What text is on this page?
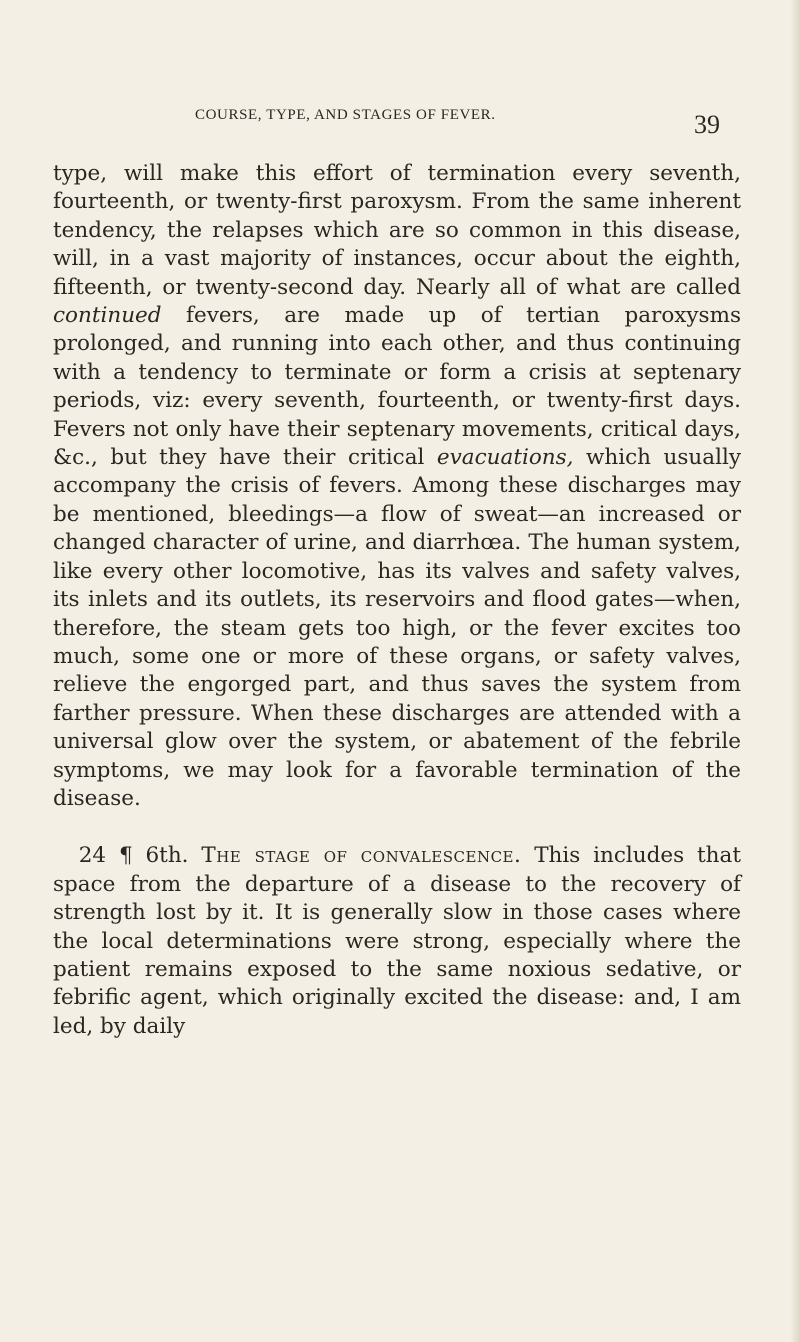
COURSE, TYPE, AND STAGES OF FEVER.	39

type, will make this effort of termination every seventh, fourteenth, or twenty-first paroxysm. From the same inherent tendency, the relapses which are so common in this disease, will, in a vast majority of instances, occur about the eighth, fifteenth, or twenty-second day. Nearly all of what are called continued fevers, are made up of tertian paroxysms prolonged, and running into each other, and thus continuing with a tendency to terminate or form a crisis at septenary periods, viz: every seventh, fourteenth, or twenty-first days. Fevers not only have their septenary movements, critical days, &c., but they have their critical evacuations, which usually accompany the crisis of fevers. Among these discharges may be mentioned, bleedings—a flow of sweat—an increased or changed character of urine, and diarrhœa. The human system, like every other locomotive, has its valves and safety valves, its inlets and its outlets, its reservoirs and flood gates—when, therefore, the steam gets too high, or the fever excites too much, some one or more of these organs, or safety valves, relieve the engorged part, and thus saves the system from farther pressure. When these discharges are attended with a universal glow over the system, or abatement of the febrile symptoms, we may look for a favorable termination of the disease.

24 ¶ 6th. The stage of convalescence. This includes that space from the departure of a disease to the recovery of strength lost by it. It is generally slow in those cases where the local determinations were strong, especially where the patient remains exposed to the same noxious sedative, or febrific agent, which originally excited the disease: and, I am led, by daily
